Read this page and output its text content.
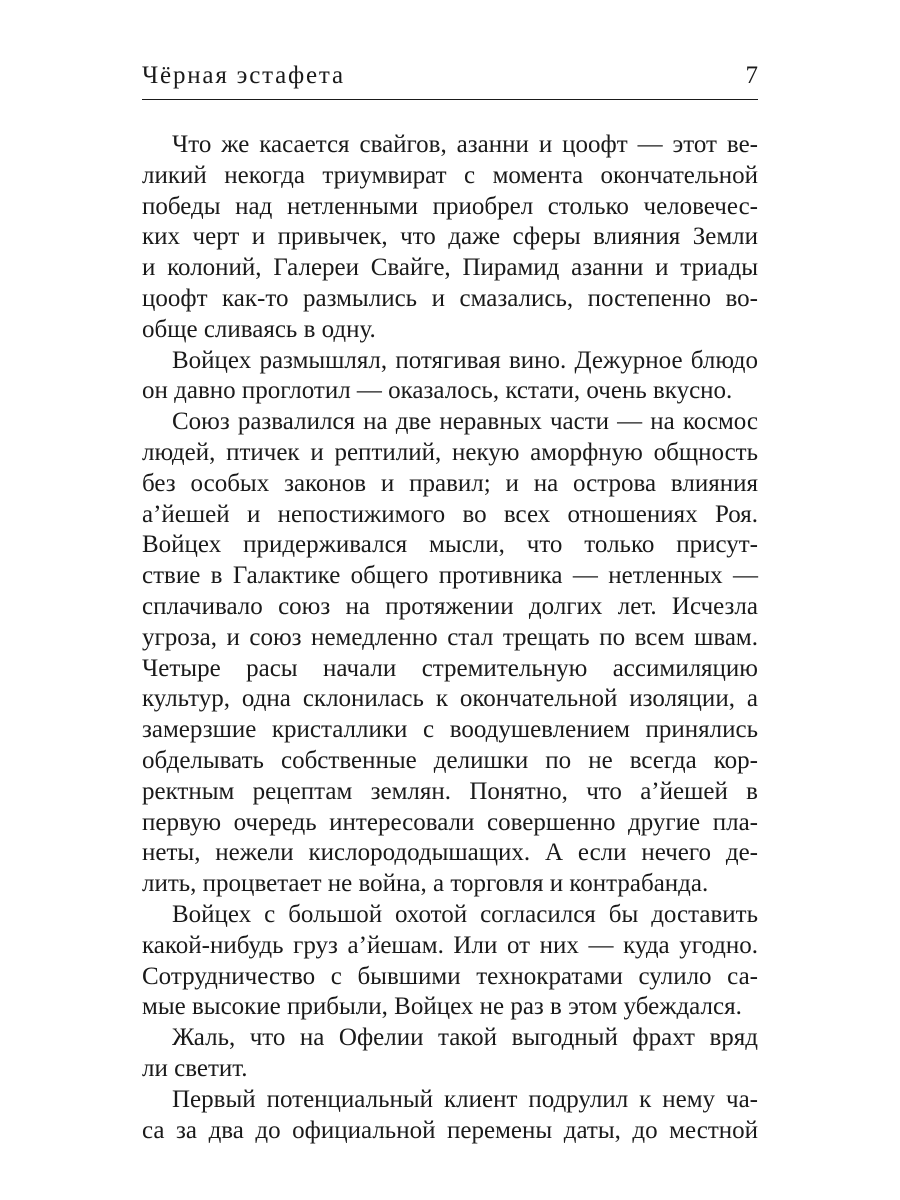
Чёрная эстафета	7
Что же касается свайгов, азанни и цоофт — этот ве-
ликий некогда триумвират с момента окончательной
победы над нетленными приобрел столько человечес-
ких черт и привычек, что даже сферы влияния Земли
и колоний, Галереи Свайге, Пирамид азанни и триады
цоофт как-то размылись и смазались, постепенно во-
обще сливаясь в одну.
Войцех размышлял, потягивая вино. Дежурное блюдо
он давно проглотил — оказалось, кстати, очень вкусно.
Союз развалился на две неравных части — на космос
людей, птичек и рептилий, некую аморфную общность
без особых законов и правил; и на острова влияния
а’йешей и непостижимого во всех отношениях Роя.
Войцех придерживался мысли, что только присут-
ствие в Галактике общего противника — нетленных —
сплачивало союз на протяжении долгих лет. Исчезла
угроза, и союз немедленно стал трещать по всем швам.
Четыре расы начали стремительную ассимиляцию
культур, одна склонилась к окончательной изоляции, а
замерзшие кристаллики с воодушевлением принялись
обделывать собственные делишки по не всегда кор-
ректным рецептам землян. Понятно, что а’йешей в
первую очередь интересовали совершенно другие пла-
неты, нежели кислорододышащих. А если нечего де-
лить, процветает не война, а торговля и контрабанда.
Войцех с большой охотой согласился бы доставить
какой-нибудь груз а’йешам. Или от них — куда угодно.
Сотрудничество с бывшими технократами сулило са-
мые высокие прибыли, Войцех не раз в этом убеждался.
Жаль, что на Офелии такой выгодный фрахт вряд
ли светит.
Первый потенциальный клиент подрулил к нему ча-
са за два до официальной перемены даты, до местной
